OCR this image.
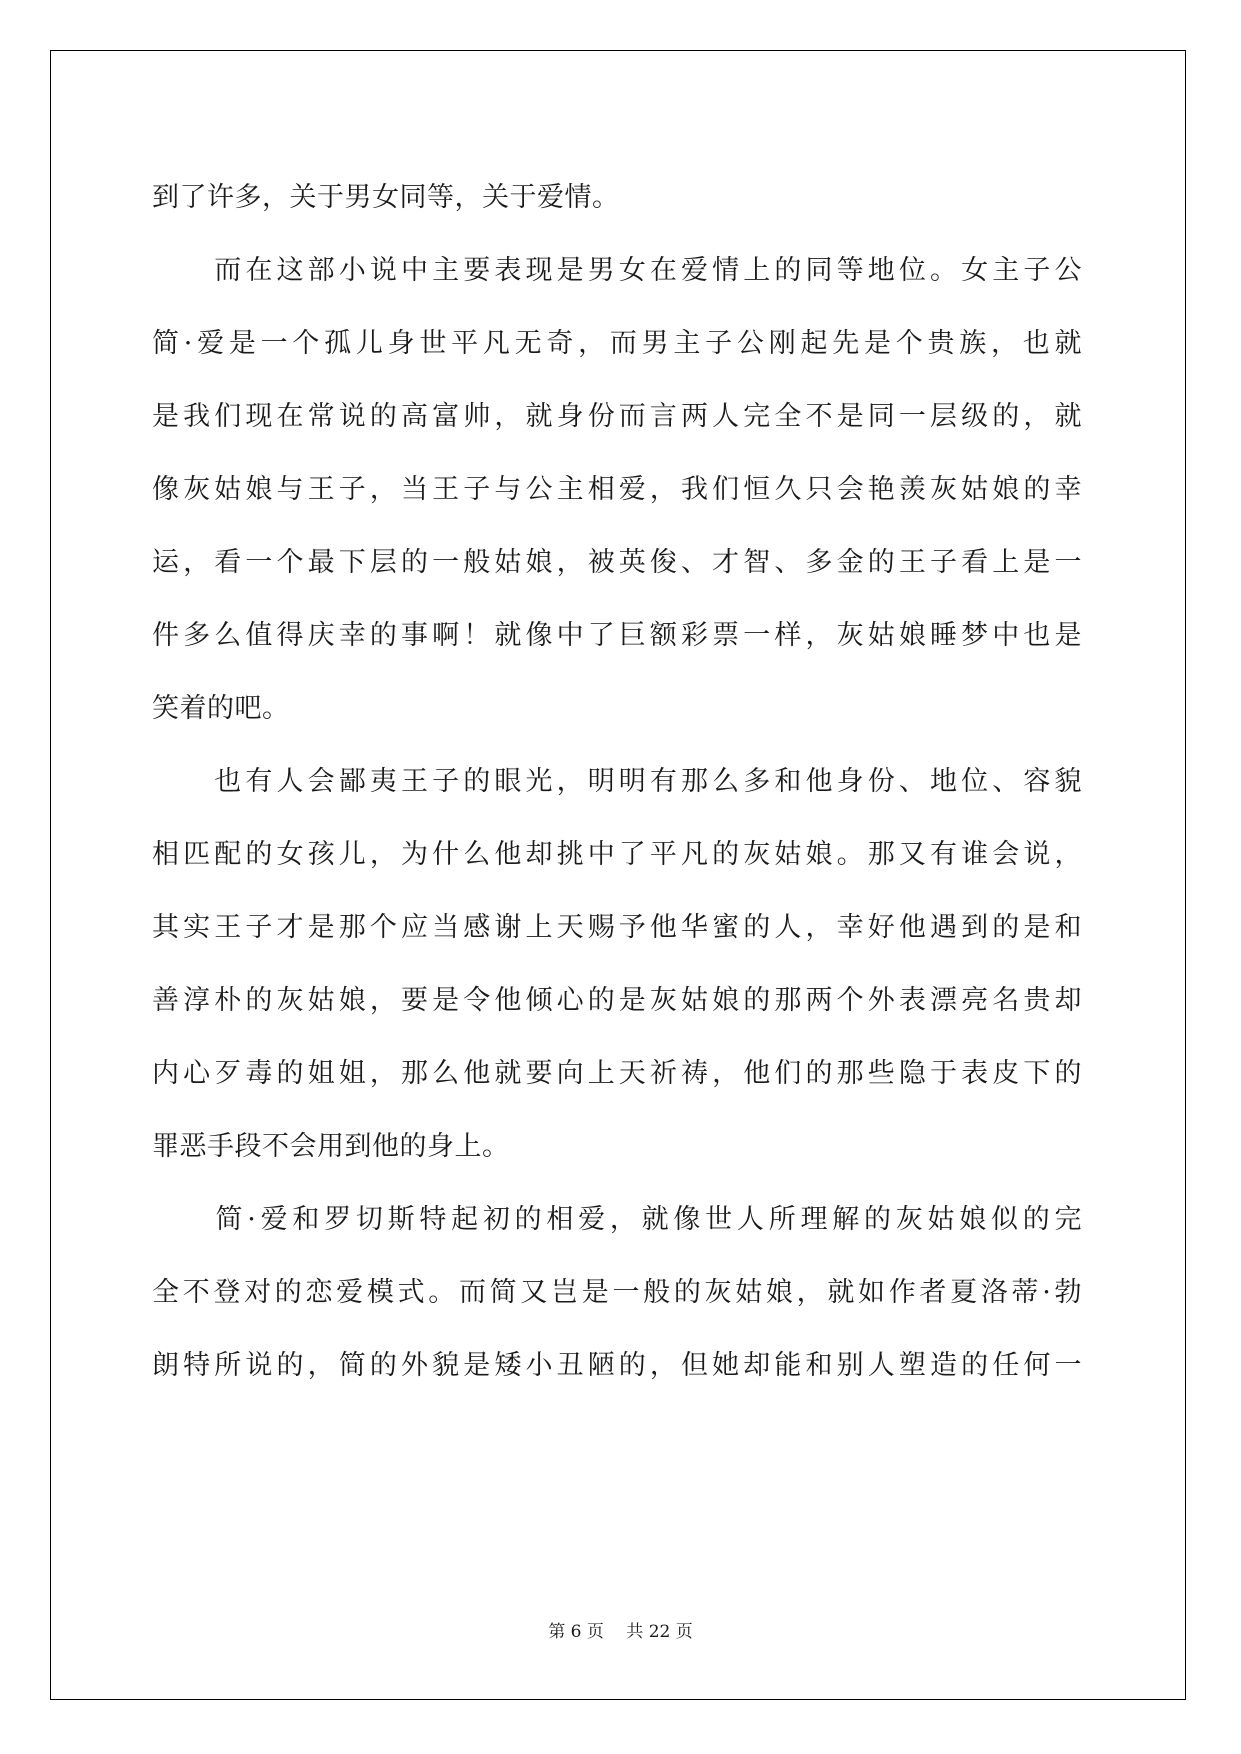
到了许多，关于男女同等，关于爱情。
　　而在这部小说中主要表现是男女在爱情上的同等地位。女主子公
简·爱是一个孤儿身世平凡无奇，而男主子公刚起先是个贵族，也就
是我们现在常说的高富帅，就身份而言两人完全不是同一层级的，就
像灰姑娘与王子，当王子与公主相爱，我们恒久只会艳羡灰姑娘的幸
运，看一个最下层的一般姑娘，被英俊、才智、多金的王子看上是一
件多么值得庆幸的事啊！就像中了巨额彩票一样，灰姑娘睡梦中也是
笑着的吧。
　　也有人会鄙夷王子的眼光，明明有那么多和他身份、地位、容貌
相匹配的女孩儿，为什么他却挑中了平凡的灰姑娘。那又有谁会说，
其实王子才是那个应当感谢上天赐予他华蜜的人，幸好他遇到的是和
善淳朴的灰姑娘，要是令他倾心的是灰姑娘的那两个外表漂亮名贵却
内心歹毒的姐姐，那么他就要向上天祈祷，他们的那些隐于表皮下的
罪恶手段不会用到他的身上。
　　简·爱和罗切斯特起初的相爱，就像世人所理解的灰姑娘似的完
全不登对的恋爱模式。而简又岂是一般的灰姑娘，就如作者夏洛蒂·勃
朗特所说的，简的外貌是矮小丑陋的，但她却能和别人塑造的任何一
第 6 页　 共 22 页
